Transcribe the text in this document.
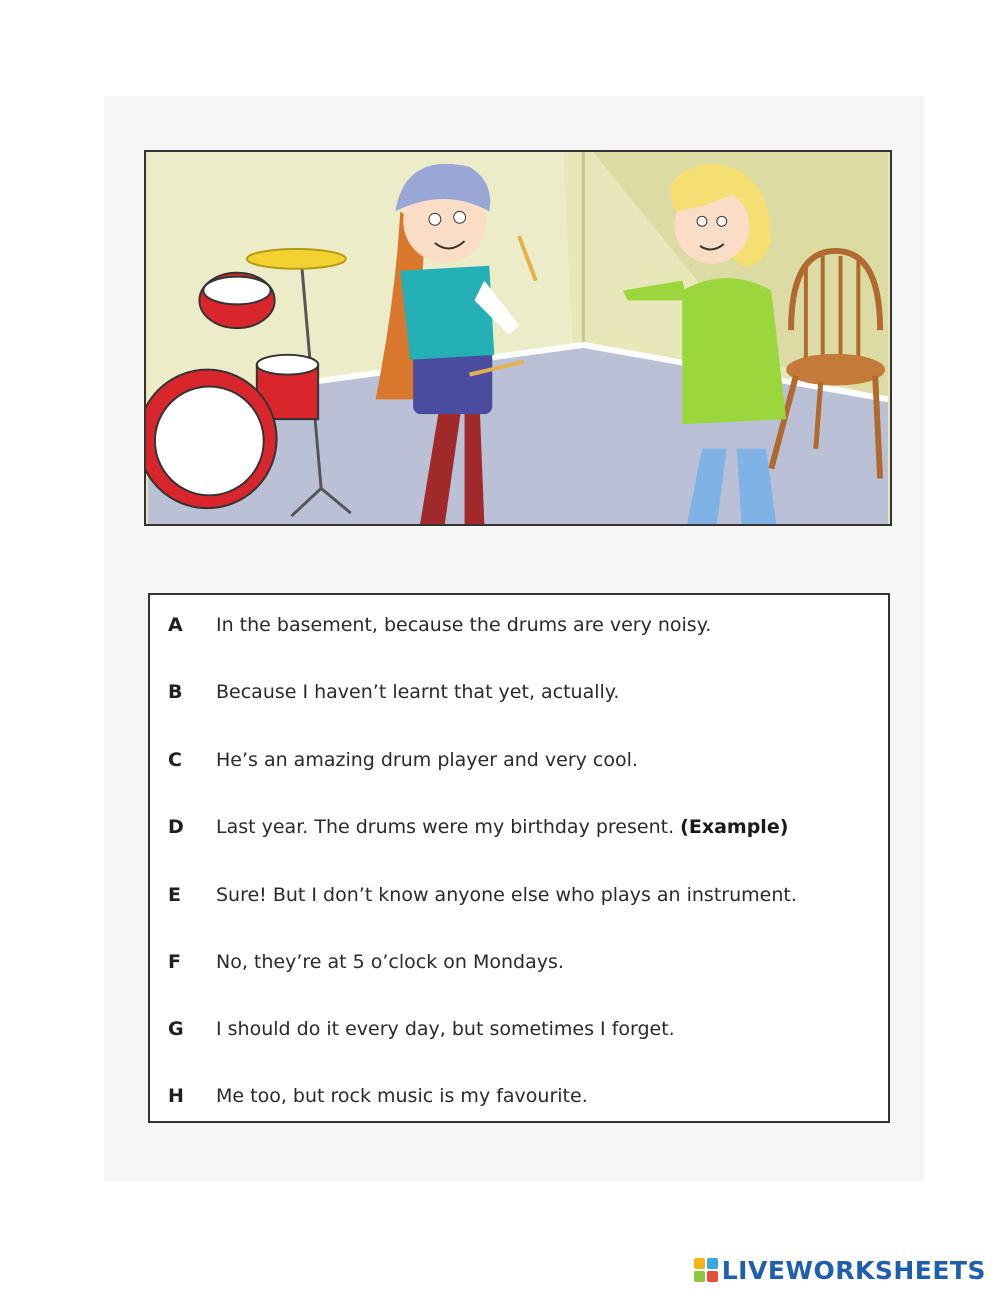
A	In the basement, because the drums are very noisy.
B	Because I haven’t learnt that yet, actually.
C	He’s an amazing drum player and very cool.
D	Last year. The drums were my birthday present. (Example)
E	Sure! But I don’t know anyone else who plays an instrument.
F	No, they’re at 5 o’clock on Mondays.
G	I should do it every day, but sometimes I forget.
H	Me too, but rock music is my favourite.
LIVEWORKSHEETS
